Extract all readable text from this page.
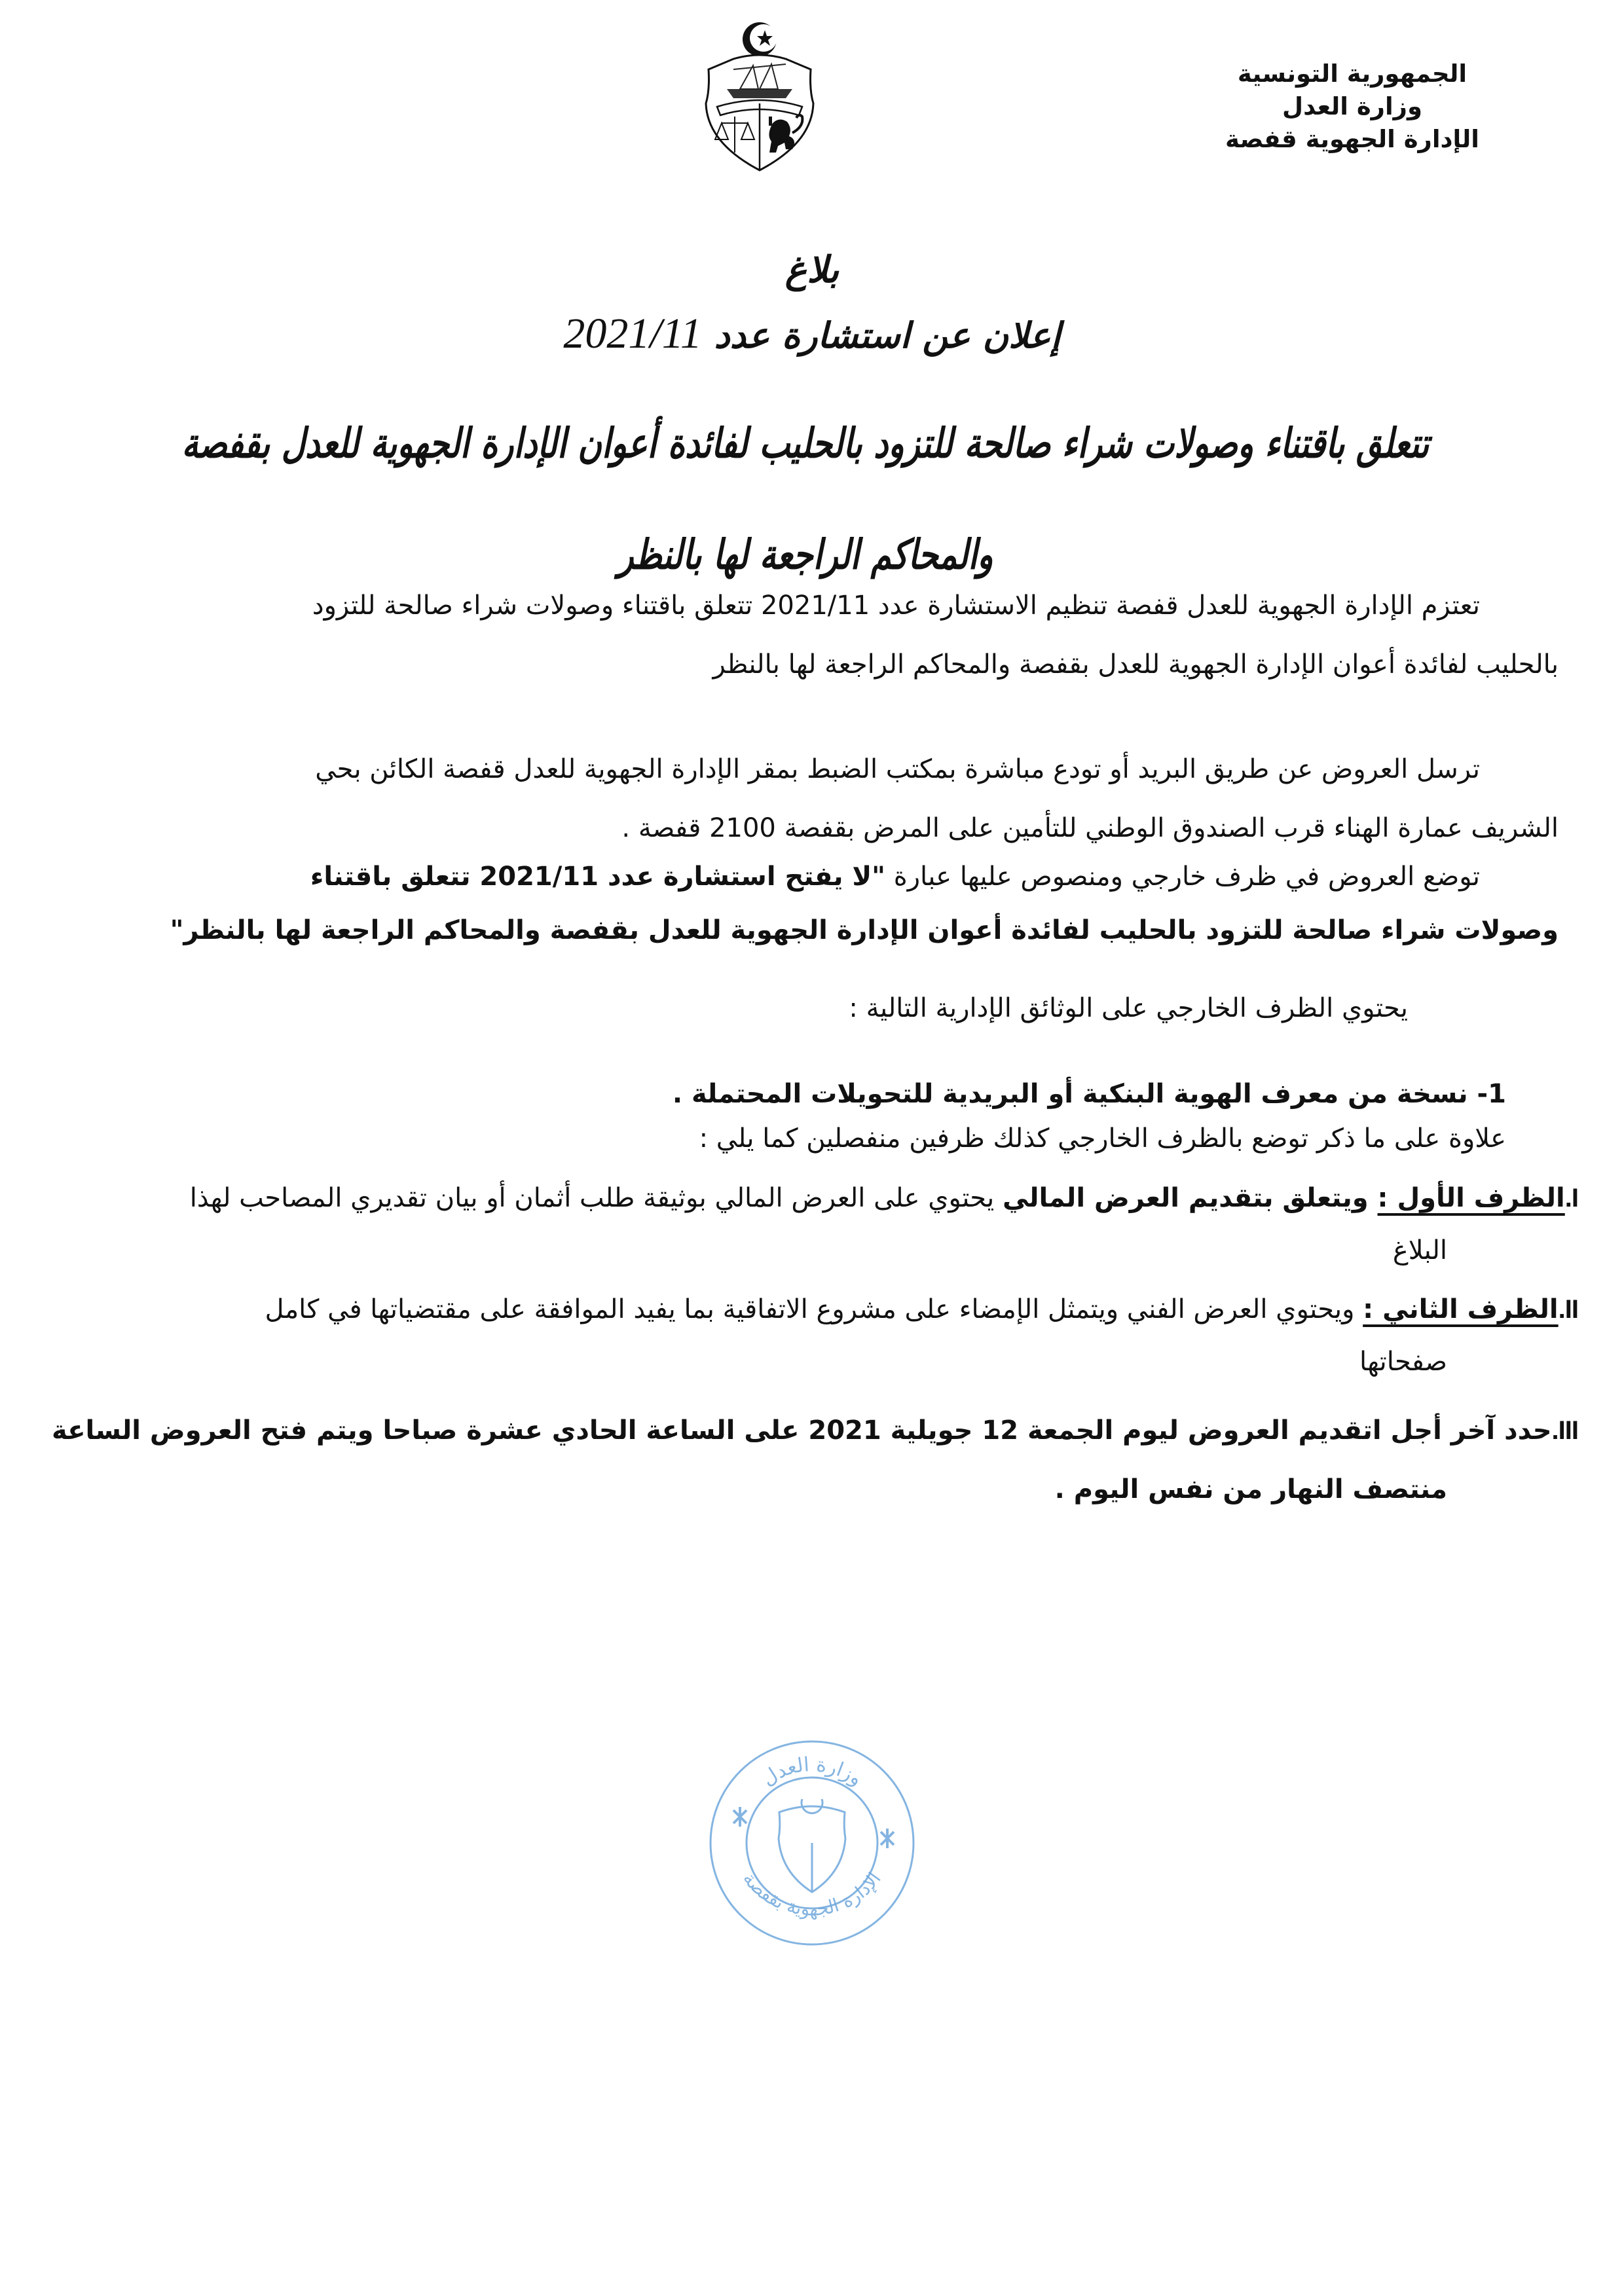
الجمهورية التونسية
وزارة العدل
الإدارة الجهوية قفصة
بلاغ
إعلان عن استشارة عدد 2021/11
تتعلق باقتناء وصولات شراء صالحة للتزود بالحليب لفائدة أعوان الإدارة الجهوية للعدل بقفصة
والمحاكم الراجعة لها بالنظر
تعتزم الإدارة الجهوية للعدل قفصة تنظيم الاستشارة عدد 2021/11 تتعلق باقتناء وصولات شراء صالحة للتزود
بالحليب لفائدة أعوان الإدارة الجهوية للعدل بقفصة والمحاكم الراجعة لها بالنظر
ترسل العروض عن طريق البريد أو تودع مباشرة بمكتب الضبط بمقر الإدارة الجهوية للعدل قفصة الكائن بحي
الشريف عمارة الهناء قرب الصندوق الوطني للتأمين على المرض بقفصة 2100 قفصة .
توضع العروض في ظرف خارجي ومنصوص عليها عبارة "لا يفتح استشارة عدد 2021/11 تتعلق باقتناء
وصولات شراء صالحة للتزود بالحليب لفائدة أعوان الإدارة الجهوية للعدل بقفصة والمحاكم الراجعة لها بالنظر"
يحتوي الظرف الخارجي على الوثائق الإدارية التالية :
1- نسخة من معرف الهوية البنكية أو البريدية للتحويلات المحتملة .
علاوة على ما ذكر توضع بالظرف الخارجي كذلك ظرفين منفصلين كما يلي :
I.الظرف الأول : ويتعلق بتقديم العرض المالي يحتوي على العرض المالي بوثيقة طلب أثمان أو بيان تقديري المصاحب لهذا
البلاغ
II.الظرف الثاني : ويحتوي العرض الفني ويتمثل الإمضاء على مشروع الاتفاقية بما يفيد الموافقة على مقتضياتها في كامل
صفحاتها
III.حدد آخر أجل اتقديم العروض ليوم الجمعة 12 جويلية 2021 على الساعة الحادي عشرة صباحا ويتم فتح العروض الساعة
منتصف النهار من نفس اليوم .
وزارة العدل
الإدارة الجهوية بقفصة
